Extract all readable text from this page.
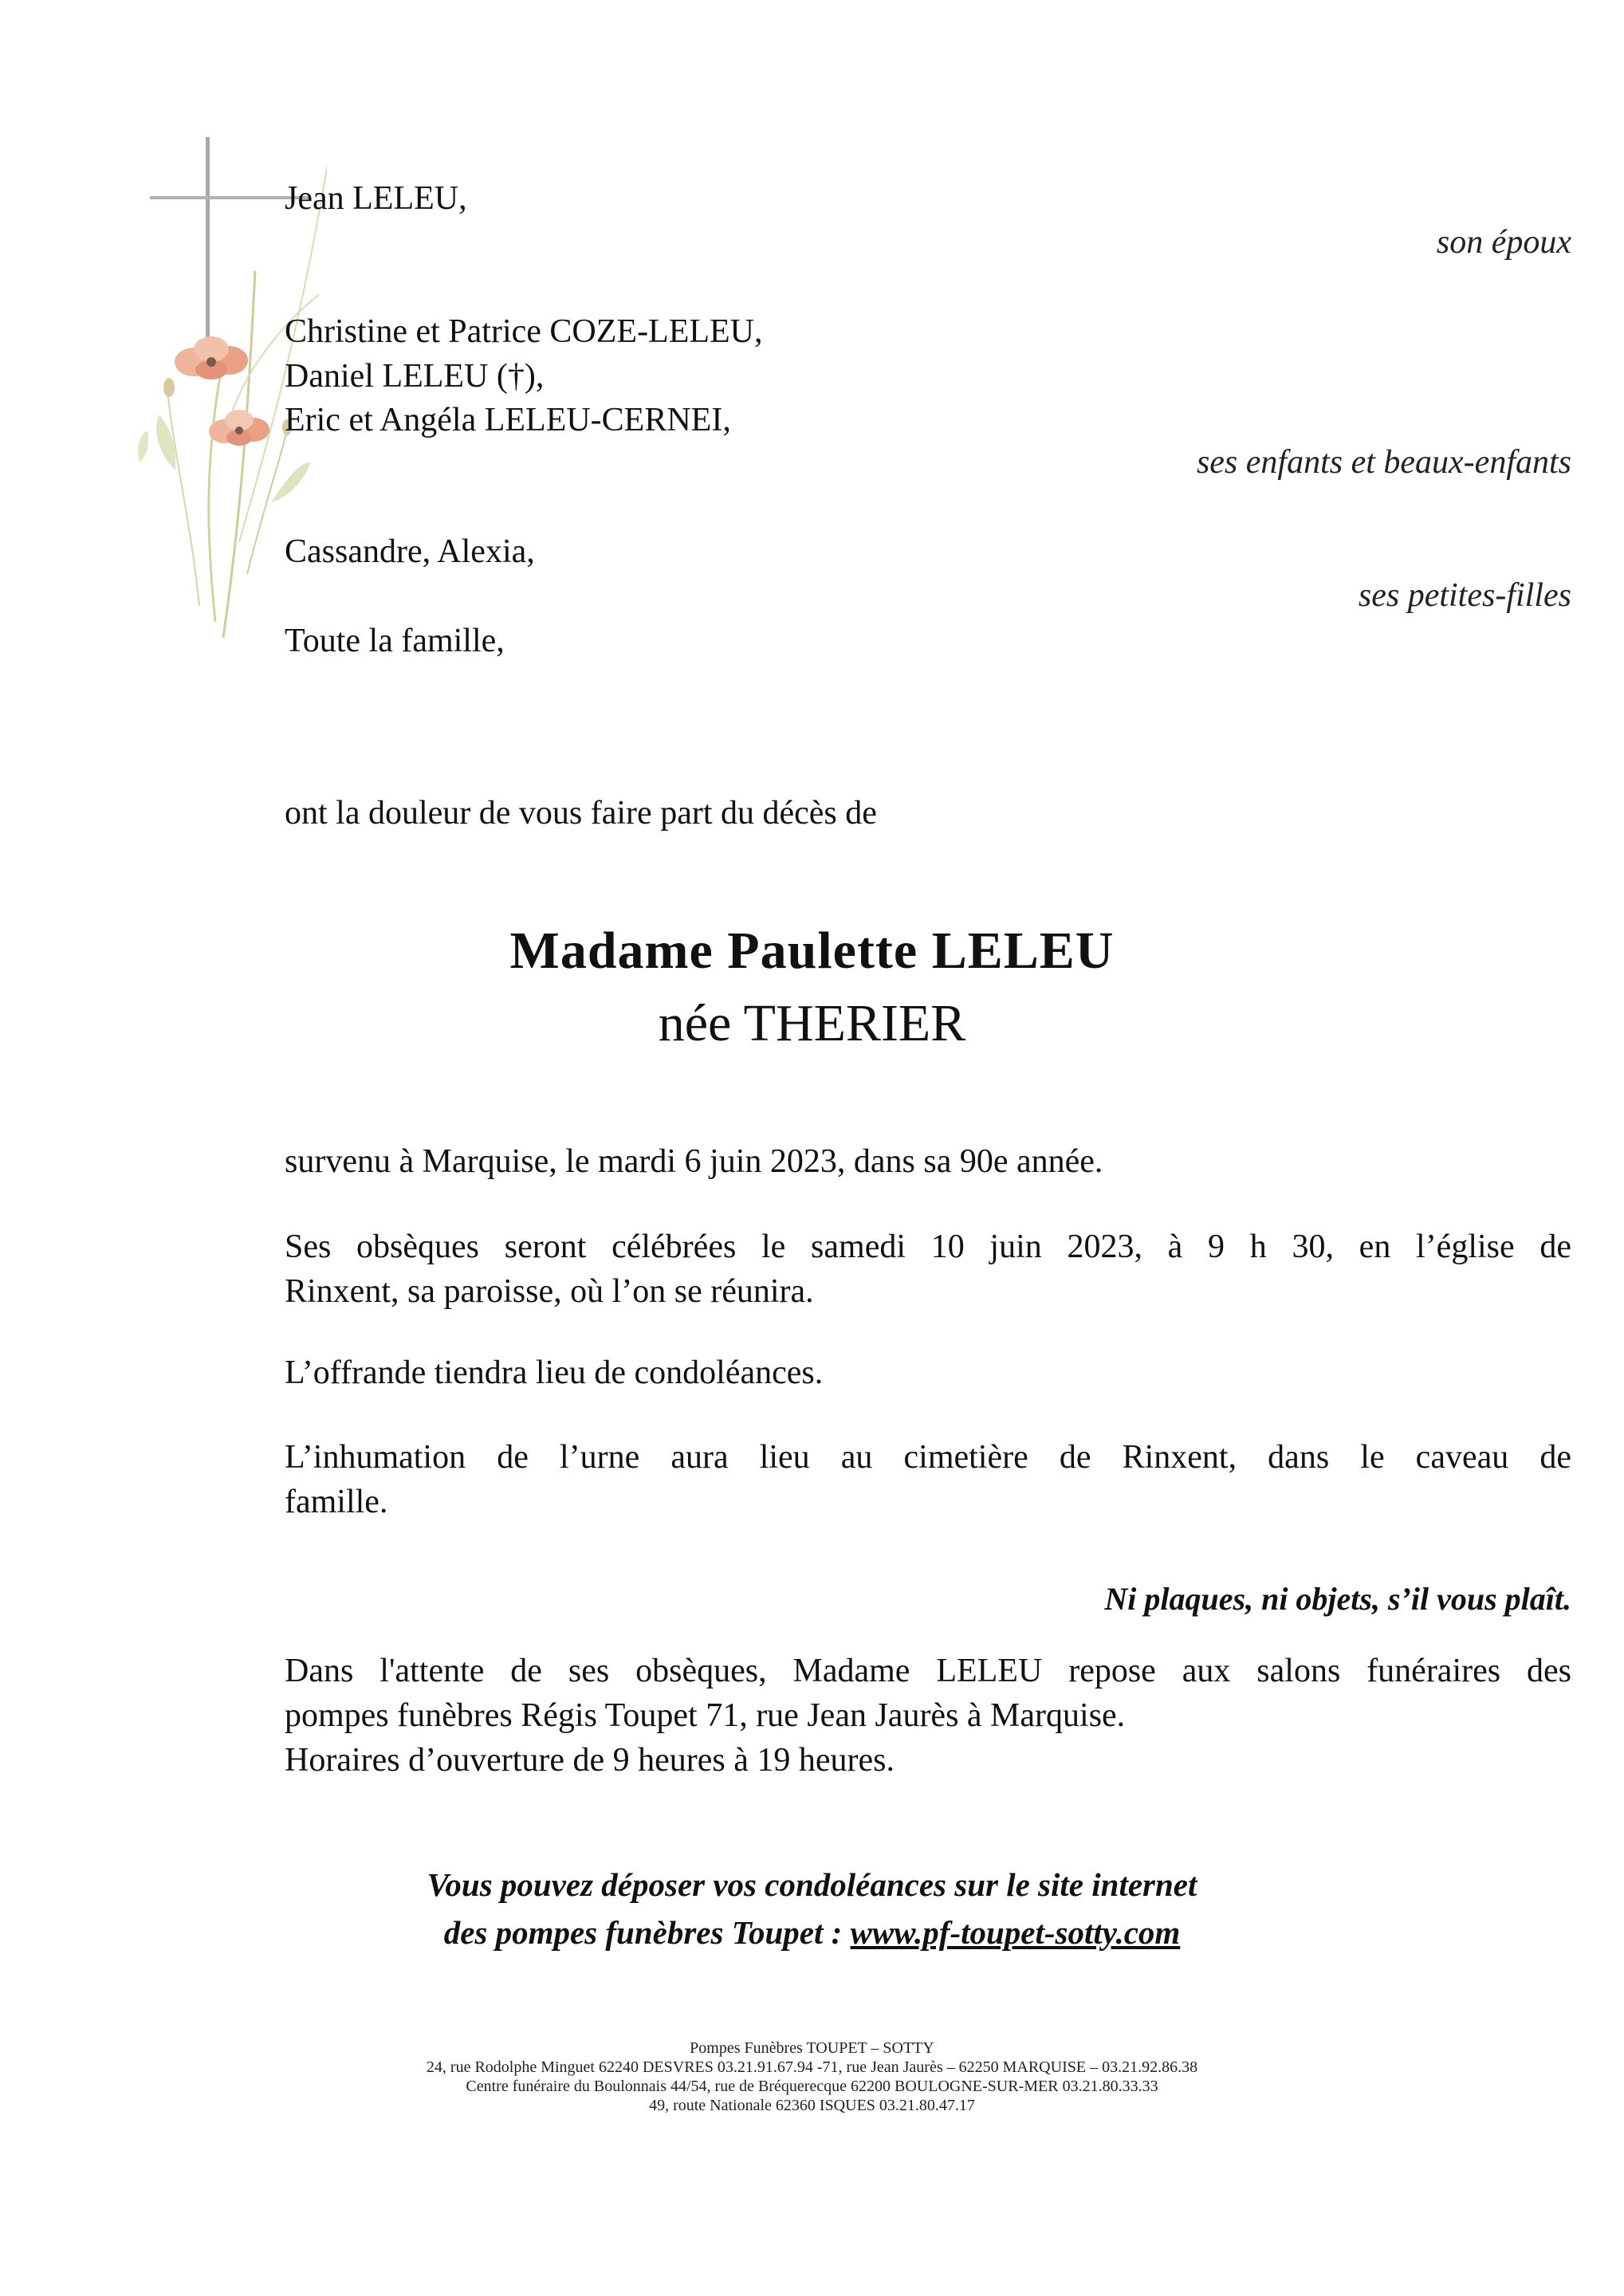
Jean LELEU,
son époux
Christine et Patrice COZE-LELEU,
Daniel LELEU (†),
Eric et Angéla LELEU-CERNEI,
ses enfants et beaux-enfants
Cassandre, Alexia,
ses petites-filles
Toute la famille,
ont la douleur de vous faire part du décès de
Madame Paulette LELEU
née THERIER
survenu à Marquise, le mardi 6 juin 2023, dans sa 90e année.
Ses obsèques seront célébrées le samedi 10 juin 2023, à 9 h 30, en l’église de
Rinxent, sa paroisse, où l’on se réunira.
L’offrande tiendra lieu de condoléances.
L’inhumation de l’urne aura lieu au cimetière de Rinxent, dans le caveau de
famille.
Ni plaques, ni objets, s’il vous plaît.
Dans l'attente de ses obsèques, Madame LELEU repose aux salons funéraires des
pompes funèbres Régis Toupet 71, rue Jean Jaurès à Marquise.
Horaires d’ouverture de 9 heures à 19 heures.
Vous pouvez déposer vos condoléances sur le site internet
des pompes funèbres Toupet : www.pf-toupet-sotty.com
Pompes Funèbres TOUPET – SOTTY
24, rue Rodolphe Minguet 62240 DESVRES 03.21.91.67.94 -71, rue Jean Jaurès – 62250 MARQUISE – 03.21.92.86.38
Centre funéraire du Boulonnais 44/54, rue de Bréquerecque 62200 BOULOGNE-SUR-MER 03.21.80.33.33
49, route Nationale 62360 ISQUES 03.21.80.47.17
